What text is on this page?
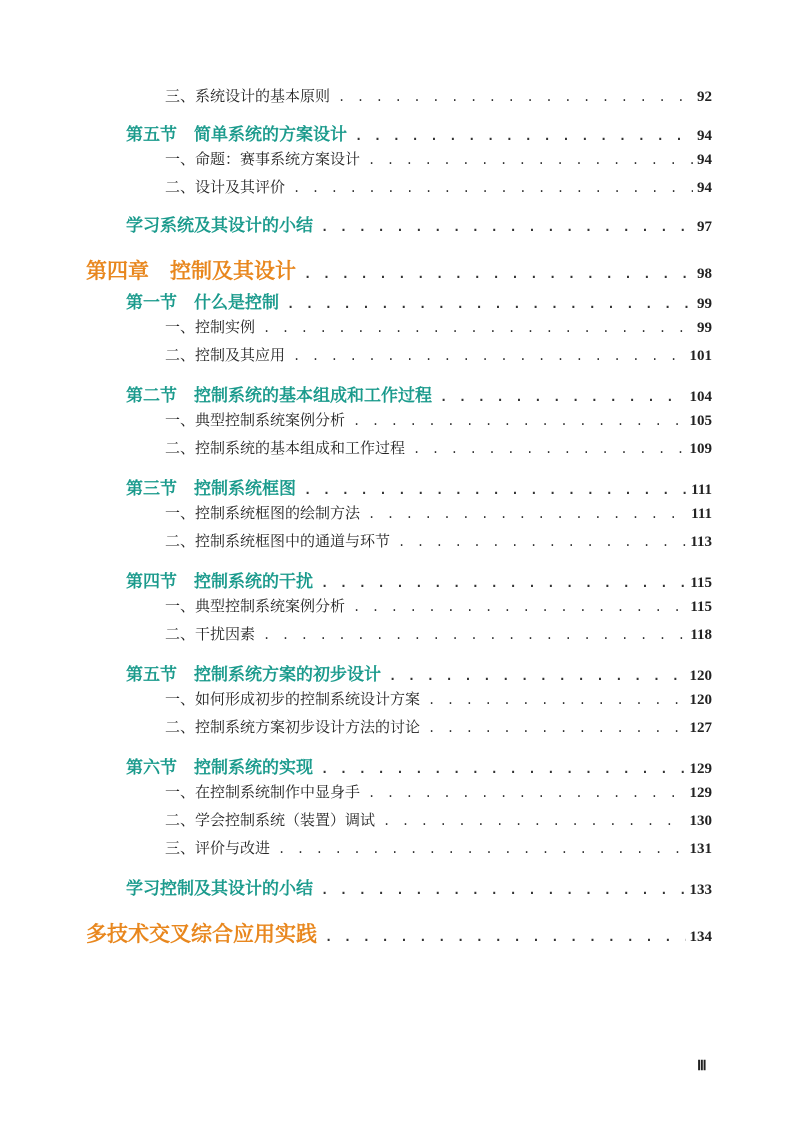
三、系统设计的基本原则 . . .	92
第五节　简单系统的方案设计 . . .	94
一、命题：赛事系统方案设计 . . .	94
二、设计及其评价 . . .	94
学习系统及其设计的小结 . . .	97
第四章　控制及其设计 . . .	98
第一节　什么是控制 . . .	99
一、控制实例 . . .	99
二、控制及其应用 . . .	101
第二节　控制系统的基本组成和工作过程 . . .	104
一、典型控制系统案例分析 . . .	105
二、控制系统的基本组成和工作过程 . . .	109
第三节　控制系统框图 . . .	111
一、控制系统框图的绘制方法 . . .	111
二、控制系统框图中的通道与环节 . . .	113
第四节　控制系统的干扰 . . .	115
一、典型控制系统案例分析 . . .	115
二、干扰因素 . . .	118
第五节　控制系统方案的初步设计 . . .	120
一、如何形成初步的控制系统设计方案 . . .	120
二、控制系统方案初步设计方法的讨论 . . .	127
第六节　控制系统的实现 . . .	129
一、在控制系统制作中显身手 . . .	129
二、学会控制系统（装置）调试 . . .	130
三、评价与改进 . . .	131
学习控制及其设计的小结 . . .	133
多技术交叉综合应用实践 . . .	134
Ⅲ
